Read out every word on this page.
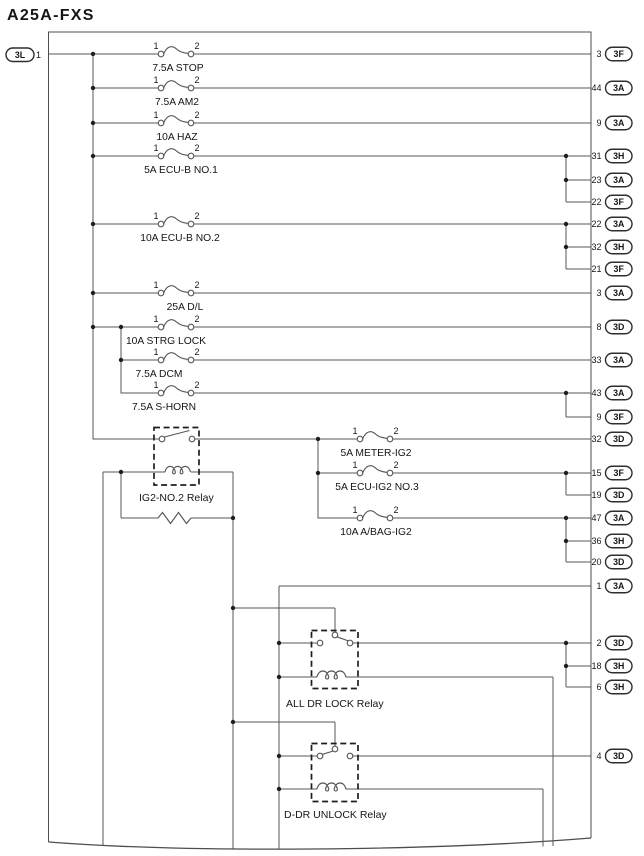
A25A-FXS
1	2
7.5A STOP
1	2
7.5A AM2
1	2
10A HAZ
1	2
5A ECU-B NO.1
1	2
10A ECU-B NO.2
1	2
25A D/L
1	2
10A STRG LOCK
1	2
7.5A DCM
1	2
7.5A S-HORN
1	2
5A METER-IG2
1	2
5A ECU-IG2 NO.3
1	2
10A A/BAG-IG2
IG2-NO.2 Relay
ALL DR LOCK Relay
D-DR UNLOCK Relay
3L 1	3 3F
44 3A
9 3A
31 3H
23 3A
22 3F
22 3A
32 3H
21 3F
3 3A
8 3D
33 3A
43 3A
9 3F
32 3D
15 3F
19 3D
47 3A
36 3H
20 3D
1 3A
2 3D
18 3H
6 3H
4 3D
